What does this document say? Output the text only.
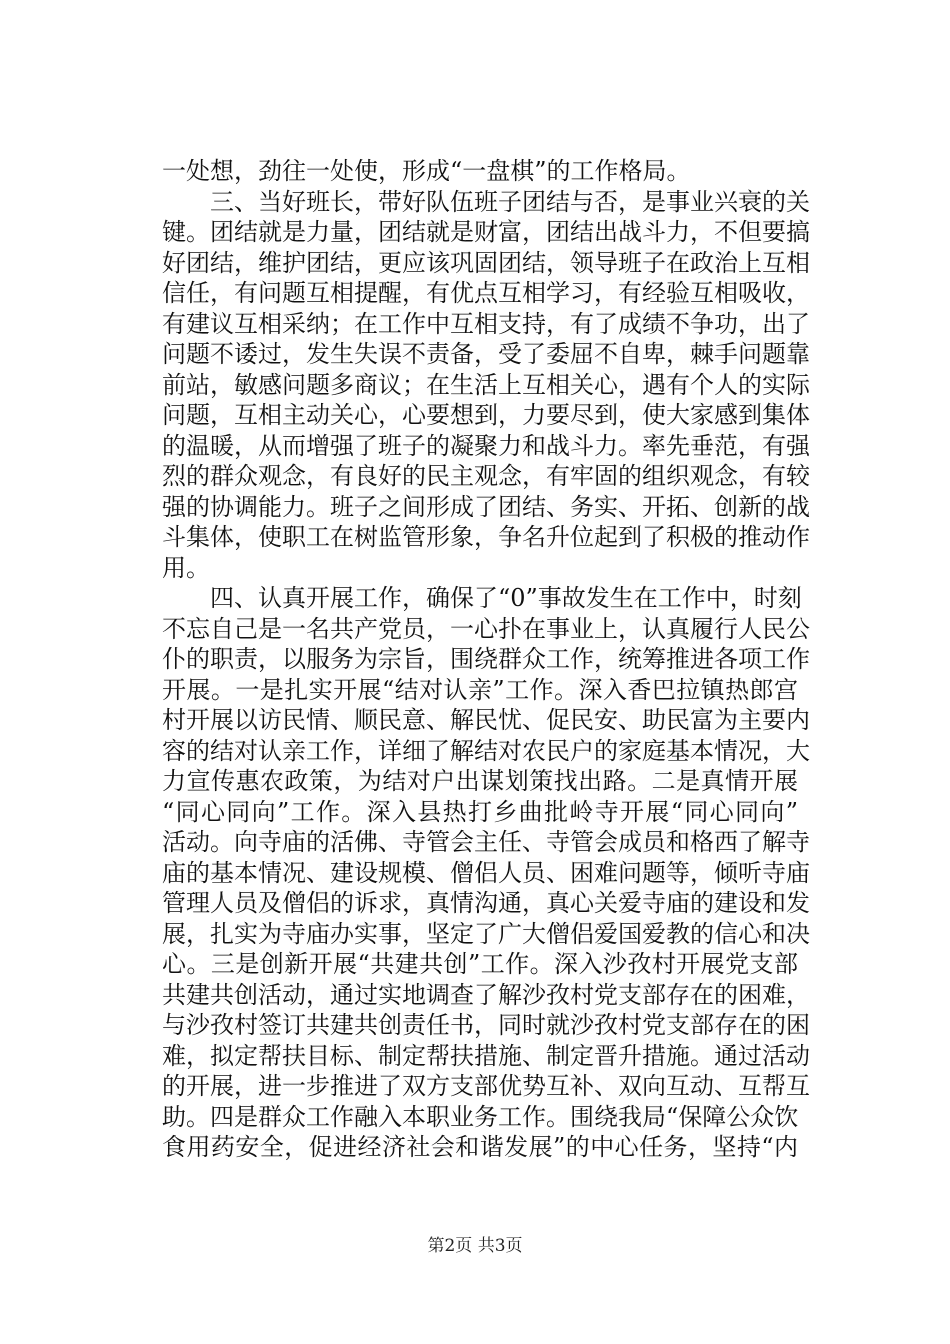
一处想，劲往一处使，形成“一盘棋”的工作格局。
　　三、当好班长，带好队伍班子团结与否，是事业兴衰的关
键。团结就是力量，团结就是财富，团结出战斗力，不但要搞
好团结，维护团结，更应该巩固团结，领导班子在政治上互相
信任，有问题互相提醒，有优点互相学习，有经验互相吸收，
有建议互相采纳；在工作中互相支持，有了成绩不争功，出了
问题不诿过，发生失误不责备，受了委屈不自卑，棘手问题靠
前站，敏感问题多商议；在生活上互相关心，遇有个人的实际
问题，互相主动关心，心要想到，力要尽到，使大家感到集体
的温暖，从而增强了班子的凝聚力和战斗力。率先垂范，有强
烈的群众观念，有良好的民主观念，有牢固的组织观念，有较
强的协调能力。班子之间形成了团结、务实、开拓、创新的战
斗集体，使职工在树监管形象，争名升位起到了积极的推动作
用。
　　四、认真开展工作，确保了“0”事故发生在工作中，时刻
不忘自己是一名共产党员，一心扑在事业上，认真履行人民公
仆的职责，以服务为宗旨，围绕群众工作，统筹推进各项工作
开展。一是扎实开展“结对认亲”工作。深入香巴拉镇热郎宫
村开展以访民情、顺民意、解民忧、促民安、助民富为主要内
容的结对认亲工作，详细了解结对农民户的家庭基本情况，大
力宣传惠农政策，为结对户出谋划策找出路。二是真情开展
“同心同向”工作。深入县热打乡曲批岭寺开展“同心同向”
活动。向寺庙的活佛、寺管会主任、寺管会成员和格西了解寺
庙的基本情况、建设规模、僧侣人员、困难问题等，倾听寺庙
管理人员及僧侣的诉求，真情沟通，真心关爱寺庙的建设和发
展，扎实为寺庙办实事，坚定了广大僧侣爱国爱教的信心和决
心。三是创新开展“共建共创”工作。深入沙孜村开展党支部
共建共创活动，通过实地调查了解沙孜村党支部存在的困难，
与沙孜村签订共建共创责任书，同时就沙孜村党支部存在的困
难，拟定帮扶目标、制定帮扶措施、制定晋升措施。通过活动
的开展，进一步推进了双方支部优势互补、双向互动、互帮互
助。四是群众工作融入本职业务工作。围绕我局“保障公众饮
食用药安全，促进经济社会和谐发展”的中心任务，坚持“内
第2页 共3页
